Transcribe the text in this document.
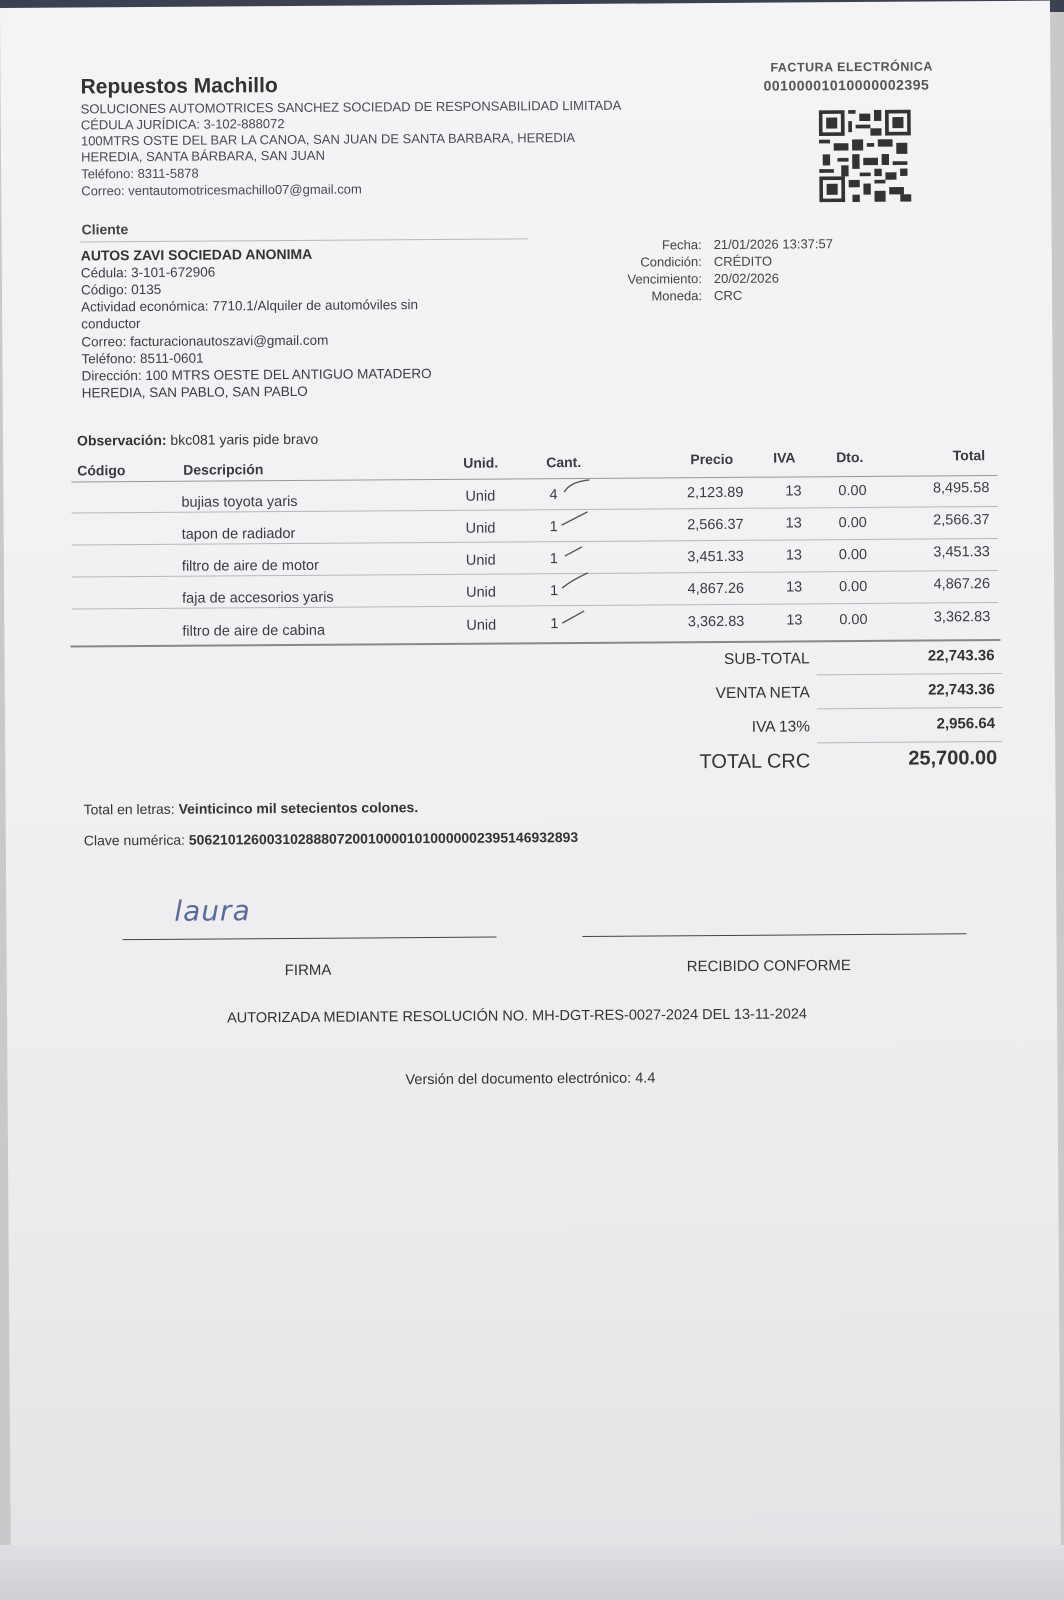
Repuestos Machillo
SOLUCIONES AUTOMOTRICES SANCHEZ SOCIEDAD DE RESPONSABILIDAD LIMITADA
CÉDULA JURÍDICA: 3-102-888072
100MTRS OSTE DEL BAR LA CANOA, SAN JUAN DE SANTA BARBARA, HEREDIA
HEREDIA, SANTA BÁRBARA, SAN JUAN
Teléfono: 8311-5878
Correo: ventautomotricesmachillo07@gmail.com
FACTURA ELECTRÓNICA
00100001010000002395
Cliente
AUTOS ZAVI SOCIEDAD ANONIMA
Cédula: 3-101-672906
Código: 0135
Actividad económica: 7710.1/Alquiler de automóviles sin
conductor
Correo: facturacionautoszavi@gmail.com
Teléfono: 8511-0601
Dirección: 100 MTRS OESTE DEL ANTIGUO MATADERO
HEREDIA, SAN PABLO, SAN PABLO
Fecha: 21/01/2026 13:37:57
Condición: CRÉDITO
Vencimiento: 20/02/2026
Moneda: CRC
Observación: bkc081 yaris pide bravo
Código	Descripción	Unid.	Cant.	Precio	IVA	Dto.	Total
bujias toyota yaris	Unid	4	2,123.89	13	0.00	8,495.58
tapon de radiador	Unid	1	2,566.37	13	0.00	2,566.37
filtro de aire de motor	Unid	1	3,451.33	13	0.00	3,451.33
faja de accesorios yaris	Unid	1	4,867.26	13	0.00	4,867.26
filtro de aire de cabina	Unid	1	3,362.83	13	0.00	3,362.83
SUB-TOTAL	22,743.36
VENTA NETA	22,743.36
IVA 13%	2,956.64
TOTAL CRC	25,700.00
Total en letras: Veinticinco mil setecientos colones.
Clave numérica: 50621012600310288807200100001010000002395146932893
laura
FIRMA	RECIBIDO CONFORME
AUTORIZADA MEDIANTE RESOLUCIÓN NO. MH-DGT-RES-0027-2024 DEL 13-11-2024
Versión del documento electrónico: 4.4
